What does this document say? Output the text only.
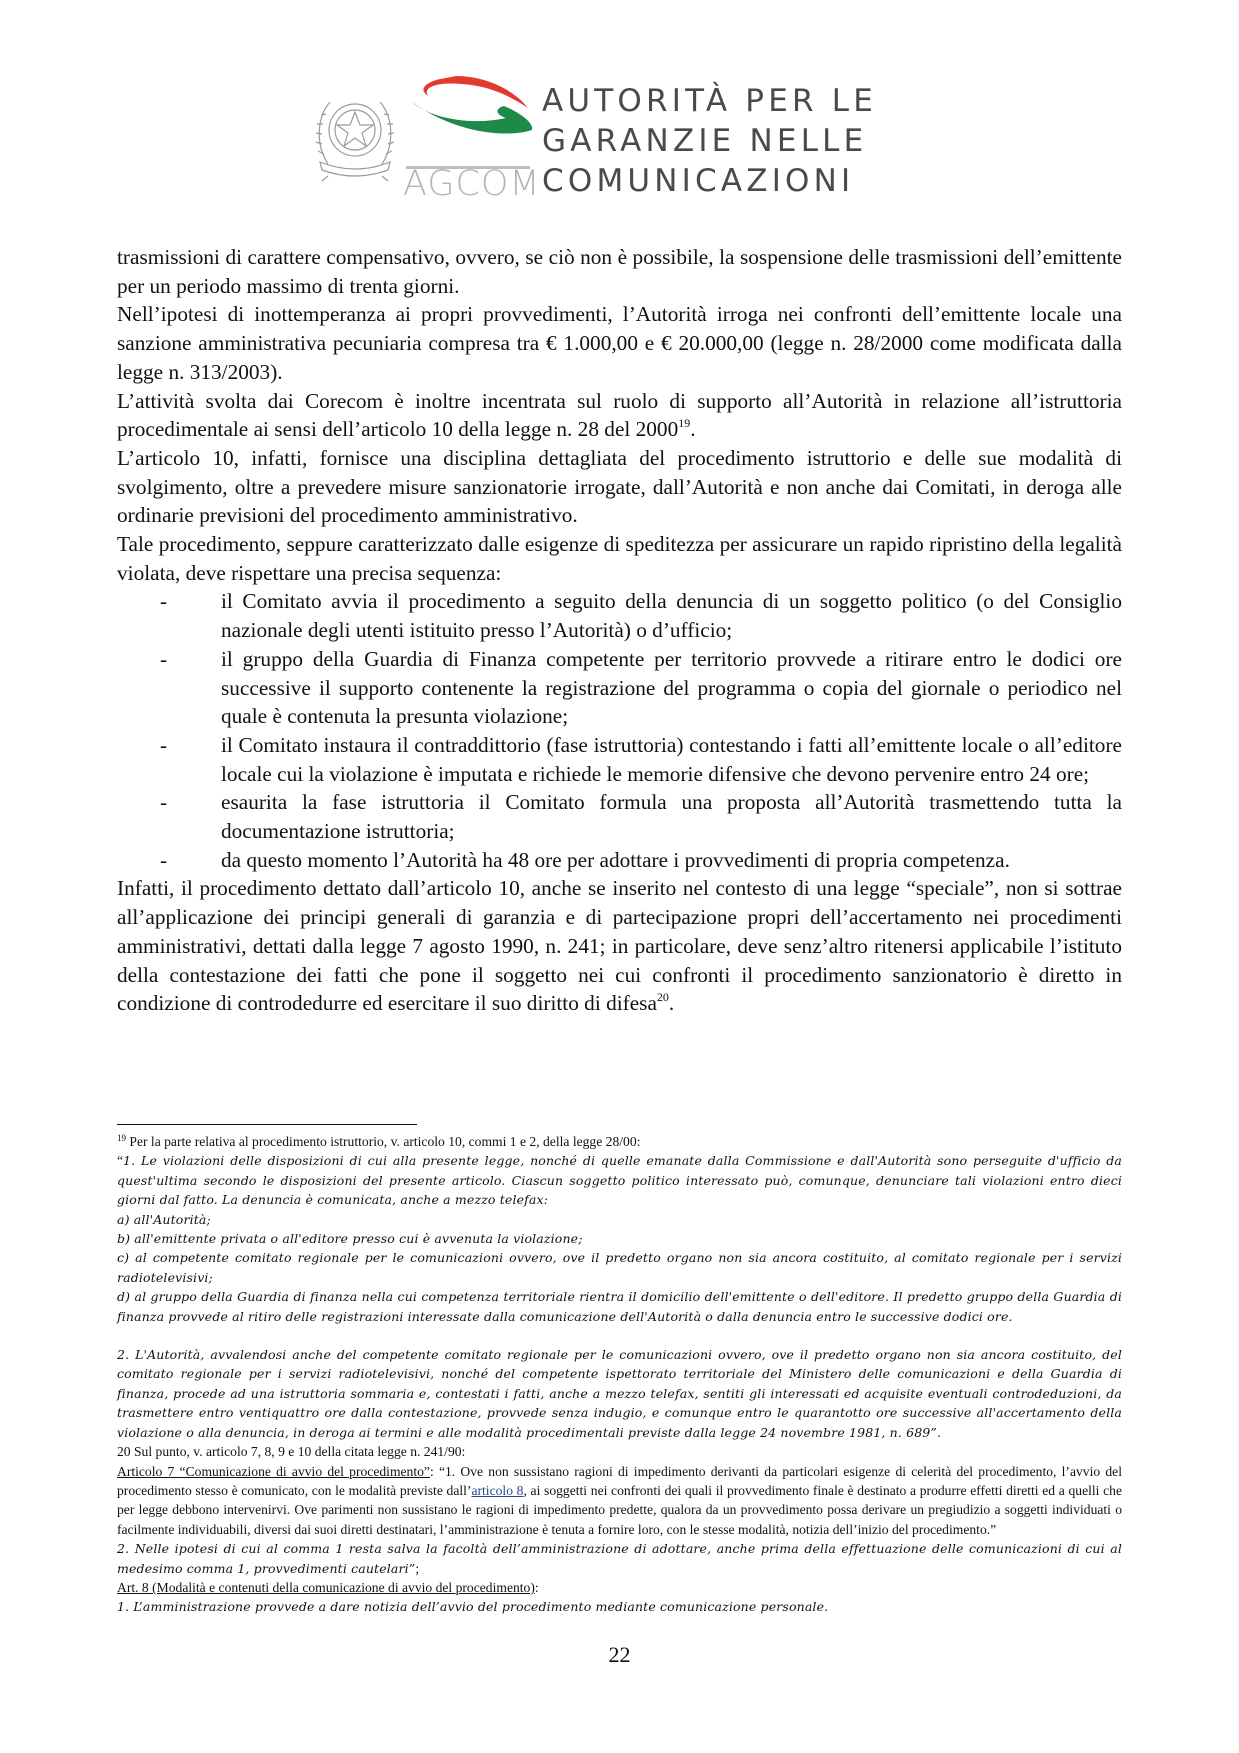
AGCOM
AUTORITÀ PER LE
GARANZIE NELLE
COMUNICAZIONI

trasmissioni di carattere compensativo, ovvero, se ciò non è possibile, la sospensione delle trasmissioni dell’emittente per un periodo massimo di trenta giorni.

Nell’ipotesi di inottemperanza ai propri provvedimenti, l’Autorità irroga nei confronti dell’emittente locale una sanzione amministrativa pecuniaria compresa tra € 1.000,00 e € 20.000,00 (legge n. 28/2000 come modificata dalla legge n. 313/2003).

L’attività svolta dai Corecom è inoltre incentrata sul ruolo di supporto all’Autorità in relazione all’istruttoria procedimentale ai sensi dell’articolo 10 della legge n. 28 del 2000$^{19}$.

L’articolo 10, infatti, fornisce una disciplina dettagliata del procedimento istruttorio e delle sue modalità di svolgimento, oltre a prevedere misure sanzionatorie irrogate, dall’Autorità e non anche dai Comitati, in deroga alle ordinarie previsioni del procedimento amministrativo.

Tale procedimento, seppure caratterizzato dalle esigenze di speditezza per assicurare un rapido ripristino della legalità violata, deve rispettare una precisa sequenza:

-	il Comitato avvia il procedimento a seguito della denuncia di un soggetto politico (o del Consiglio nazionale degli utenti istituito presso l’Autorità) o d’ufficio;
-	il gruppo della Guardia di Finanza competente per territorio provvede a ritirare entro le dodici ore successive il supporto contenente la registrazione del programma o copia del giornale o periodico nel quale è contenuta la presunta violazione;
-	il Comitato instaura il contraddittorio (fase istruttoria) contestando i fatti all’emittente locale o all’editore locale cui la violazione è imputata e richiede le memorie difensive che devono pervenire entro 24 ore;
-	esaurita la fase istruttoria il Comitato formula una proposta all’Autorità trasmettendo tutta la documentazione istruttoria;
-	da questo momento l’Autorità ha 48 ore per adottare i provvedimenti di propria competenza.

Infatti, il procedimento dettato dall’articolo 10, anche se inserito nel contesto di una legge “speciale”, non si sottrae all’applicazione dei principi generali di garanzia e di partecipazione propri dell’accertamento nei procedimenti amministrativi, dettati dalla legge 7 agosto 1990, n. 241; in particolare, deve senz’altro ritenersi applicabile l’istituto della contestazione dei fatti che pone il soggetto nei cui confronti il procedimento sanzionatorio è diretto in condizione di controdedurre ed esercitare il suo diritto di difesa$^{20}$.

$^{19}$ Per la parte relativa al procedimento istruttorio, v. articolo 10, commi 1 e 2, della legge 28/00:

“1. Le violazioni delle disposizioni di cui alla presente legge, nonché di quelle emanate dalla Commissione e dall'Autorità sono perseguite d'ufficio da quest'ultima secondo le disposizioni del presente articolo. Ciascun soggetto politico interessato può, comunque, denunciare tali violazioni entro dieci giorni dal fatto. La denuncia è comunicata, anche a mezzo telefax:

a) all'Autorità;

b) all'emittente privata o all'editore presso cui è avvenuta la violazione;

c) al competente comitato regionale per le comunicazioni ovvero, ove il predetto organo non sia ancora costituito, al comitato regionale per i servizi radiotelevisivi;

d) al gruppo della Guardia di finanza nella cui competenza territoriale rientra il domicilio dell'emittente o dell'editore. Il predetto gruppo della Guardia di finanza provvede al ritiro delle registrazioni interessate dalla comunicazione dell'Autorità o dalla denuncia entro le successive dodici ore.

2. L'Autorità, avvalendosi anche del competente comitato regionale per le comunicazioni ovvero, ove il predetto organo non sia ancora costituito, del comitato regionale per i servizi radiotelevisivi, nonché del competente ispettorato territoriale del Ministero delle comunicazioni e della Guardia di finanza, procede ad una istruttoria sommaria e, contestati i fatti, anche a mezzo telefax, sentiti gli interessati ed acquisite eventuali controdeduzioni, da trasmettere entro ventiquattro ore dalla contestazione, provvede senza indugio, e comunque entro le quarantotto ore successive all'accertamento della violazione o alla denuncia, in deroga ai termini e alle modalità procedimentali previste dalla legge 24 novembre 1981, n. 689”.

20 Sul punto, v. articolo 7, 8, 9 e 10 della citata legge n. 241/90:

Articolo 7 “Comunicazione di avvio del procedimento”: “1. Ove non sussistano ragioni di impedimento derivanti da particolari esigenze di celerità del procedimento, l’avvio del procedimento stesso è comunicato, con le modalità previste dall’articolo 8, ai soggetti nei confronti dei quali il provvedimento finale è destinato a produrre effetti diretti ed a quelli che per legge debbono intervenirvi. Ove parimenti non sussistano le ragioni di impedimento predette, qualora da un provvedimento possa derivare un pregiudizio a soggetti individuati o facilmente individuabili, diversi dai suoi diretti destinatari, l’amministrazione è tenuta a fornire loro, con le stesse modalità, notizia dell’inizio del procedimento.”

2. Nelle ipotesi di cui al comma 1 resta salva la facoltà dell’amministrazione di adottare, anche prima della effettuazione delle comunicazioni di cui al medesimo comma 1, provvedimenti cautelari”;

Art. 8 (Modalità e contenuti della comunicazione di avvio del procedimento):

1. L’amministrazione provvede a dare notizia dell’avvio del procedimento mediante comunicazione personale.

22
